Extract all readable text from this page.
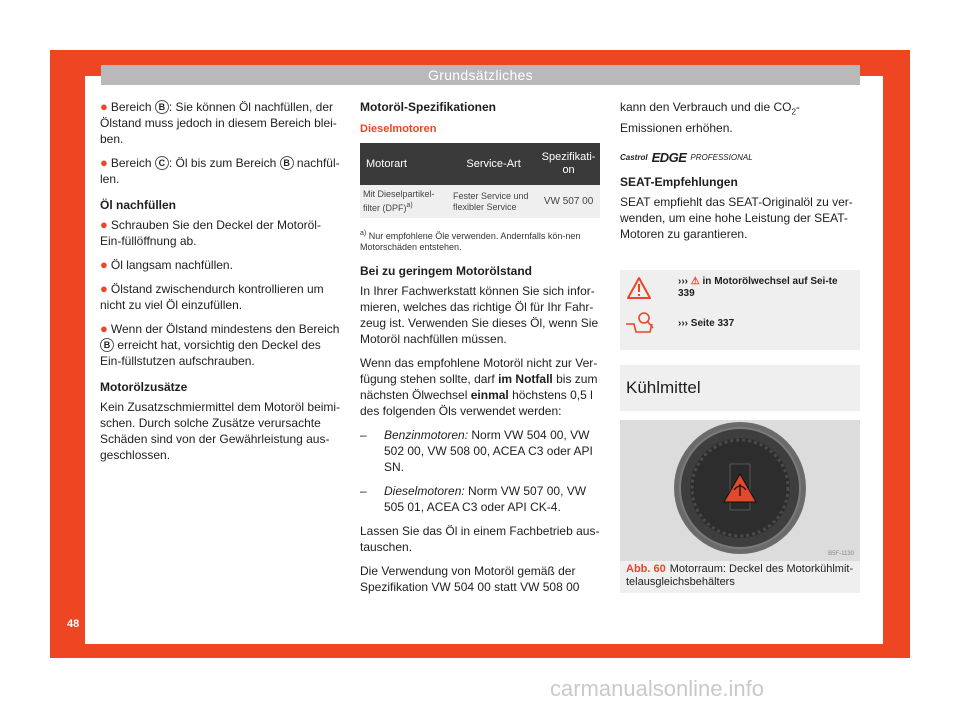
Grundsätzliches
48

● Bereich B : Sie können Öl nachfüllen, der Ölstand muss jedoch in diesem Bereich blei-ben.

● Bereich C : Öl bis zum Bereich B nachfül-len.

Öl nachfüllen

● Schrauben Sie den Deckel der Motoröl-Ein-füllöffnung ab.

● Öl langsam nachfüllen.

● Ölstand zwischendurch kontrollieren um nicht zu viel Öl einzufüllen.

● Wenn der Ölstand mindestens den Bereich B erreicht hat, vorsichtig den Deckel des Ein-füllstutzen aufschrauben.

Motorölzusätze

Kein Zusatzschmiermittel dem Motoröl beimi-schen. Durch solche Zusätze verursachte Schäden sind von der Gewährleistung aus-geschlossen.

Motoröl-Spezifikationen
Dieselmotoren
Motorart	Service-Art	Spezifikati-on
Mit Dieselpartikel-filter (DPF)$^{a)}$	Fester Service und flexibler Service	VW 507 00
$^{a)}$ Nur empfohlene Öle verwenden. Andernfalls kön-nen Motorschäden entstehen.
Bei zu geringem Motorölstand

In Ihrer Fachwerkstatt können Sie sich infor-mieren, welches das richtige Öl für Ihr Fahr-zeug ist. Verwenden Sie dieses Öl, wenn Sie Motoröl nachfüllen müssen.

Wenn das empfohlene Motoröl nicht zur Ver-fügung stehen sollte, darf im Notfall bis zum nächsten Ölwechsel einmal höchstens 0,5 l des folgenden Öls verwendet werden:

–	Benzinmotoren: Norm VW 504 00, VW 502 00, VW 508 00, ACEA C3 oder API SN.

–	Dieselmotoren: Norm VW 507 00, VW 505 01, ACEA C3 oder API CK-4.

Lassen Sie das Öl in einem Fachbetrieb aus-tauschen.

Die Verwendung von Motoröl gemäß der Spezifikation VW 504 00 statt VW 508 00

kann den Verbrauch und die $CO_2$-Emissionen erhöhen.

Castrol EDGE PROFESSIONAL
SEAT-Empfehlungen

SEAT empfiehlt das SEAT-Originalöl zu ver-wenden, um eine hohe Leistung der SEAT-Motoren zu garantieren.

››› ⚠ in Motorölwechsel auf Sei-te 339
››› Seite 337
Kühlmittel
B5F-1130
Abb. 60 Motorraum: Deckel des Motorkühlmit-telausgleichsbehälters
carmanualsonline.info
